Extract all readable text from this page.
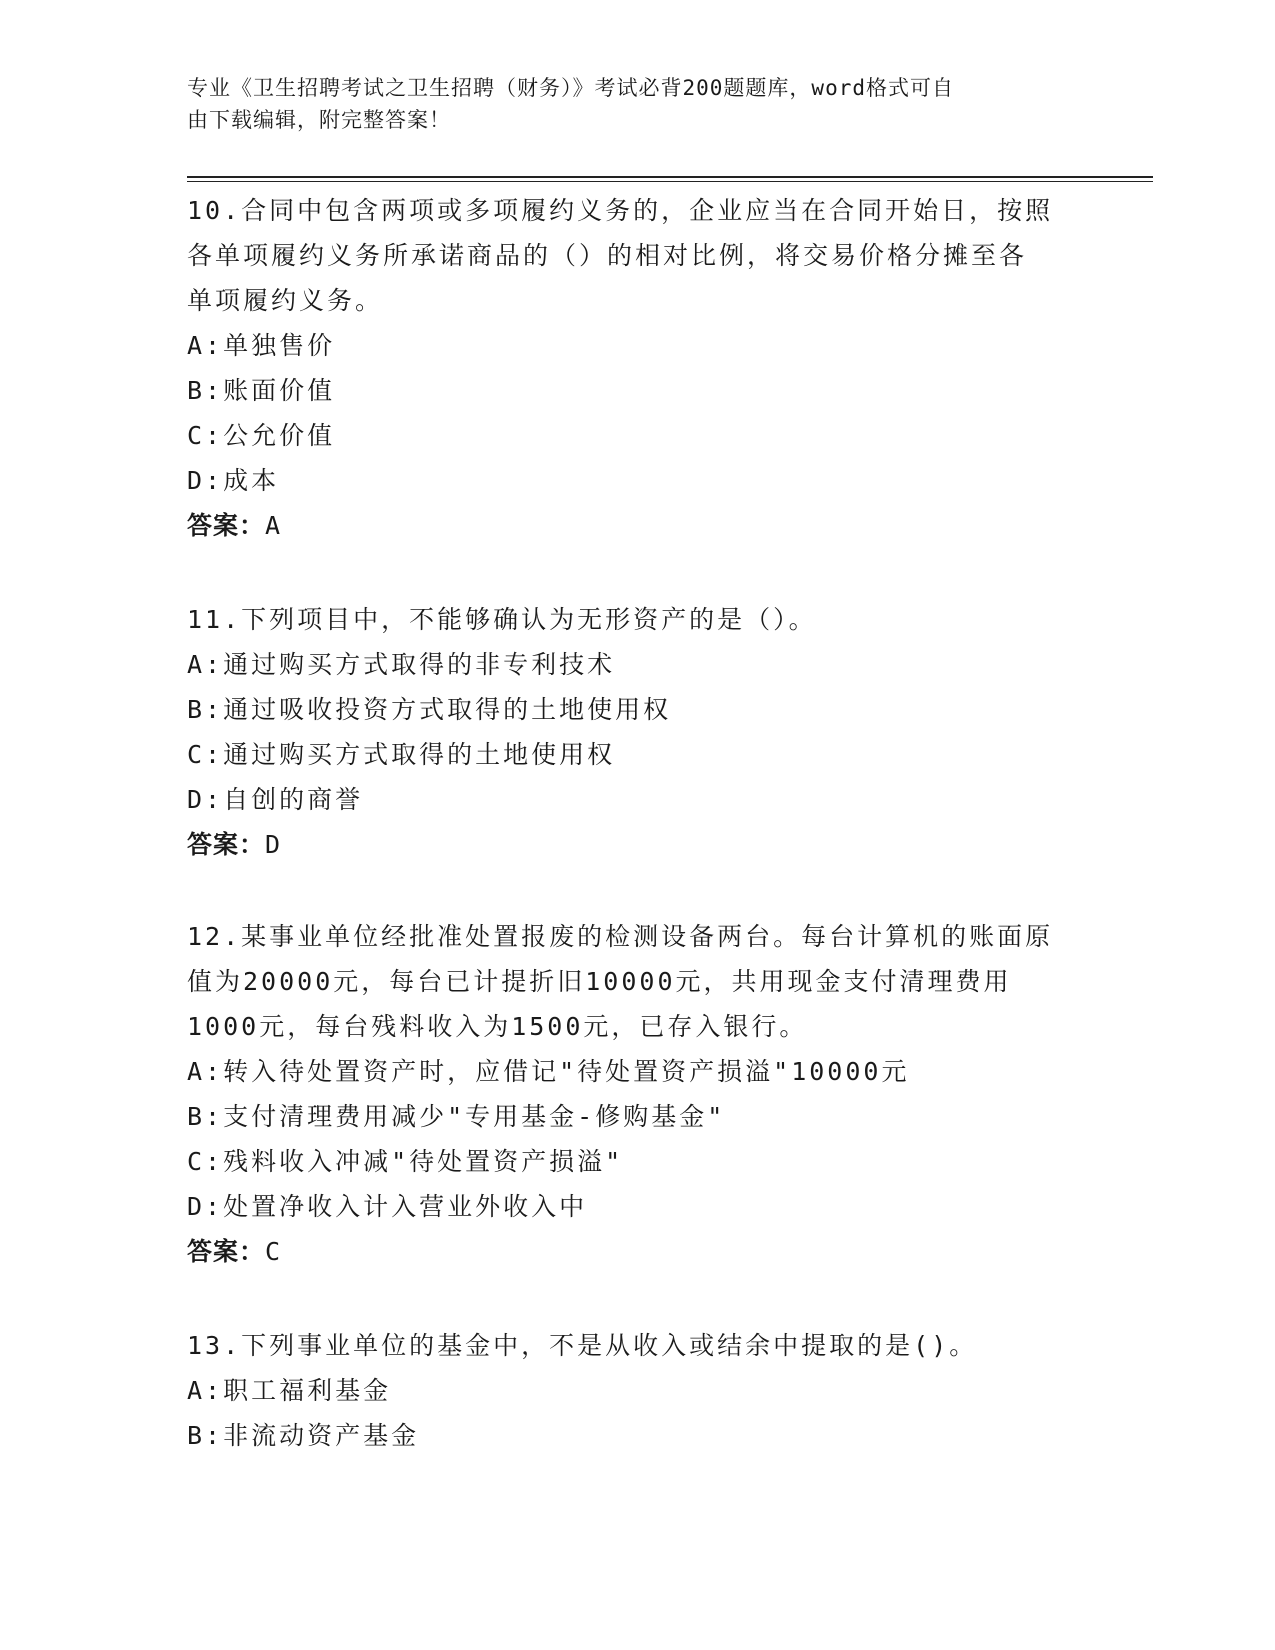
专业《卫生招聘考试之卫生招聘（财务）》考试必背200题题库，word格式可自
由下载编辑，附完整答案！
10.合同中包含两项或多项履约义务的，企业应当在合同开始日，按照
各单项履约义务所承诺商品的（）的相对比例，将交易价格分摊至各
单项履约义务。
A:单独售价
B:账面价值
C:公允价值
D:成本
答案：A
11.下列项目中，不能够确认为无形资产的是（）。
A:通过购买方式取得的非专利技术
B:通过吸收投资方式取得的土地使用权
C:通过购买方式取得的土地使用权
D:自创的商誉
答案：D
12.某事业单位经批准处置报废的检测设备两台。每台计算机的账面原
值为20000元，每台已计提折旧10000元，共用现金支付清理费用
1000元，每台残料收入为1500元，已存入银行。
A:转入待处置资产时，应借记"待处置资产损溢"10000元
B:支付清理费用减少"专用基金-修购基金"
C:残料收入冲减"待处置资产损溢"
D:处置净收入计入营业外收入中
答案：C
13.下列事业单位的基金中，不是从收入或结余中提取的是()。
A:职工福利基金
B:非流动资产基金
